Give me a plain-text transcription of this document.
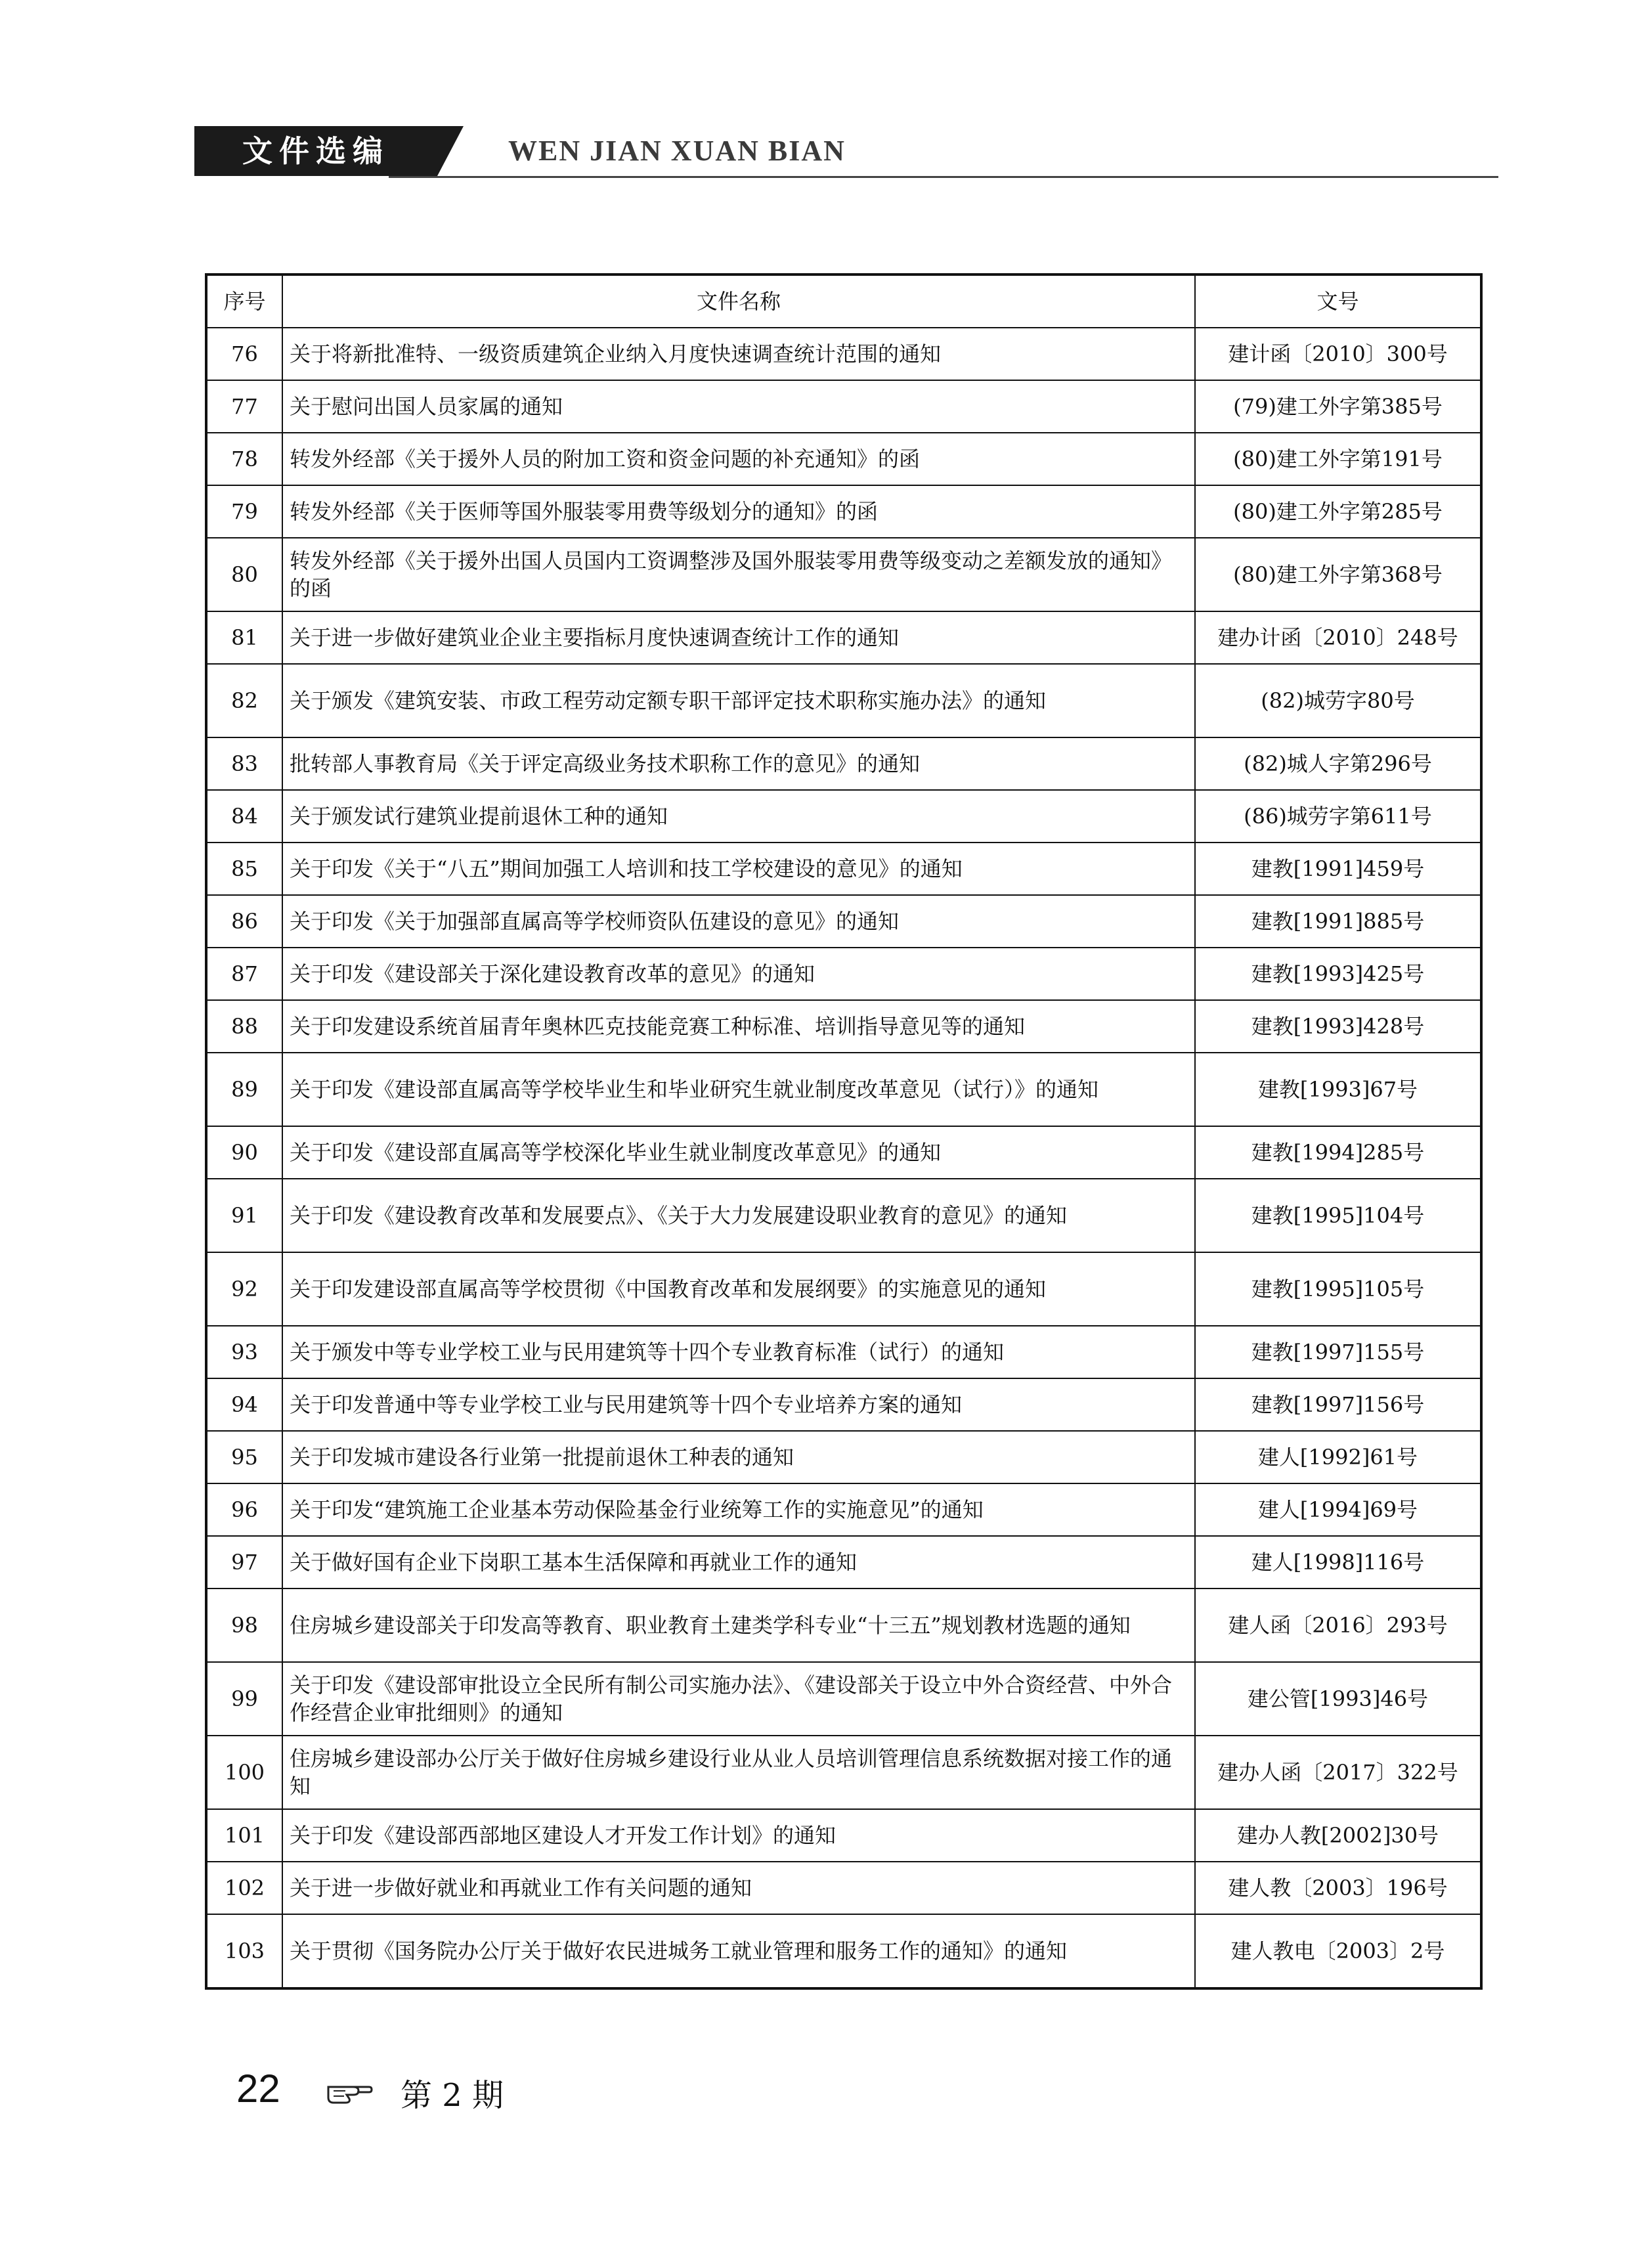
文件选编	WEN JIAN XUAN BIAN
序号	文件名称	文号
76	关于将新批准特、一级资质建筑企业纳入月度快速调查统计范围的通知	建计函〔2010〕300号
77	关于慰问出国人员家属的通知	(79)建工外字第385号
78	转发外经部《关于援外人员的附加工资和资金问题的补充通知》的函	(80)建工外字第191号
79	转发外经部《关于医师等国外服装零用费等级划分的通知》的函	(80)建工外字第285号
80	转发外经部《关于援外出国人员国内工资调整涉及国外服装零用费等级变动之差额发放的通知》的函	(80)建工外字第368号
81	关于进一步做好建筑业企业主要指标月度快速调查统计工作的通知	建办计函〔2010〕248号
82	关于颁发《建筑安装、市政工程劳动定额专职干部评定技术职称实施办法》的通知	(82)城劳字80号
83	批转部人事教育局《关于评定高级业务技术职称工作的意见》的通知	(82)城人字第296号
84	关于颁发试行建筑业提前退休工种的通知	(86)城劳字第611号
85	关于印发《关于“八五”期间加强工人培训和技工学校建设的意见》的通知	建教[1991]459号
86	关于印发《关于加强部直属高等学校师资队伍建设的意见》的通知	建教[1991]885号
87	关于印发《建设部关于深化建设教育改革的意见》的通知	建教[1993]425号
88	关于印发建设系统首届青年奥林匹克技能竞赛工种标准、培训指导意见等的通知	建教[1993]428号
89	关于印发《建设部直属高等学校毕业生和毕业研究生就业制度改革意见（试行）》的通知	建教[1993]67号
90	关于印发《建设部直属高等学校深化毕业生就业制度改革意见》的通知	建教[1994]285号
91	关于印发《建设教育改革和发展要点》、《关于大力发展建设职业教育的意见》的通知	建教[1995]104号
92	关于印发建设部直属高等学校贯彻《中国教育改革和发展纲要》的实施意见的通知	建教[1995]105号
93	关于颁发中等专业学校工业与民用建筑等十四个专业教育标准（试行）的通知	建教[1997]155号
94	关于印发普通中等专业学校工业与民用建筑等十四个专业培养方案的通知	建教[1997]156号
95	关于印发城市建设各行业第一批提前退休工种表的通知	建人[1992]61号
96	关于印发“建筑施工企业基本劳动保险基金行业统筹工作的实施意见”的通知	建人[1994]69号
97	关于做好国有企业下岗职工基本生活保障和再就业工作的通知	建人[1998]116号
98	住房城乡建设部关于印发高等教育、职业教育土建类学科专业“十三五”规划教材选题的通知	建人函〔2016〕293号
99	关于印发《建设部审批设立全民所有制公司实施办法》、《建设部关于设立中外合资经营、中外合作经营企业审批细则》的通知	建公管[1993]46号
100	住房城乡建设部办公厅关于做好住房城乡建设行业从业人员培训管理信息系统数据对接工作的通知	建办人函〔2017〕322号
101	关于印发《建设部西部地区建设人才开发工作计划》的通知	建办人教[2002]30号
102	关于进一步做好就业和再就业工作有关问题的通知	建人教〔2003〕196号
103	关于贯彻《国务院办公厅关于做好农民进城务工就业管理和服务工作的通知》的通知	建人教电〔2003〕2号
22	第 2 期
